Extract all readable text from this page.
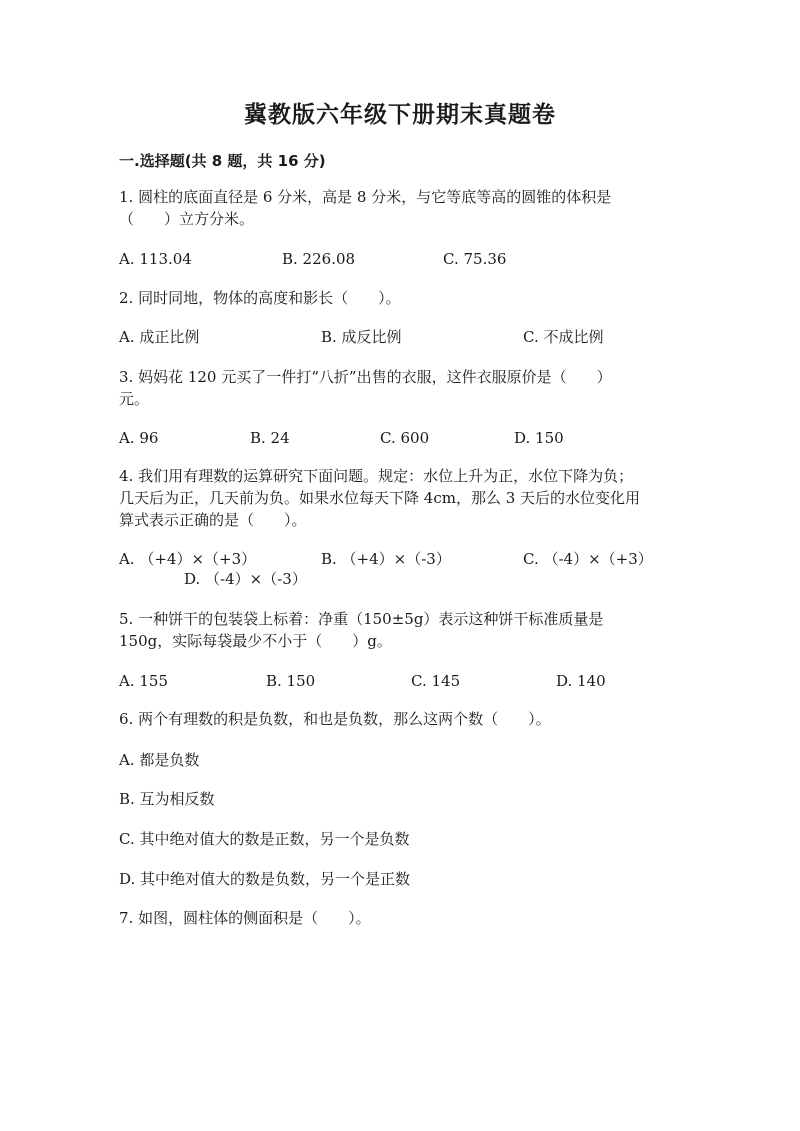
冀教版六年级下册期末真题卷
一.选择题(共 8 题，共 16 分)
1. 圆柱的底面直径是 6 分米，高是 8 分米，与它等底等高的圆锥的体积是
（　　）立方分米。
A. 113.04	B. 226.08	C. 75.36
2. 同时同地，物体的高度和影长（　　）。
A. 成正比例	B. 成反比例	C. 不成比例
3. 妈妈花 120 元买了一件打“八折”出售的衣服，这件衣服原价是（　　）
元。
A. 96	B. 24	C. 600	D. 150
4. 我们用有理数的运算研究下面问题。规定：水位上升为正，水位下降为负；
几天后为正，几天前为负。如果水位每天下降 4cm，那么 3 天后的水位变化用
算式表示正确的是（　　）。
A. （+4）×（+3）	B. （+4）×（-3）	C. （-4）×（+3）
D. （-4）×（-3）
5. 一种饼干的包装袋上标着：净重（150±5g）表示这种饼干标准质量是
150g，实际每袋最少不小于（　　）g。
A. 155	B. 150	C. 145	D. 140
6. 两个有理数的积是负数，和也是负数，那么这两个数（　　）。
A. 都是负数
B. 互为相反数
C. 其中绝对值大的数是正数，另一个是负数
D. 其中绝对值大的数是负数，另一个是正数
7. 如图，圆柱体的侧面积是（　　）。
